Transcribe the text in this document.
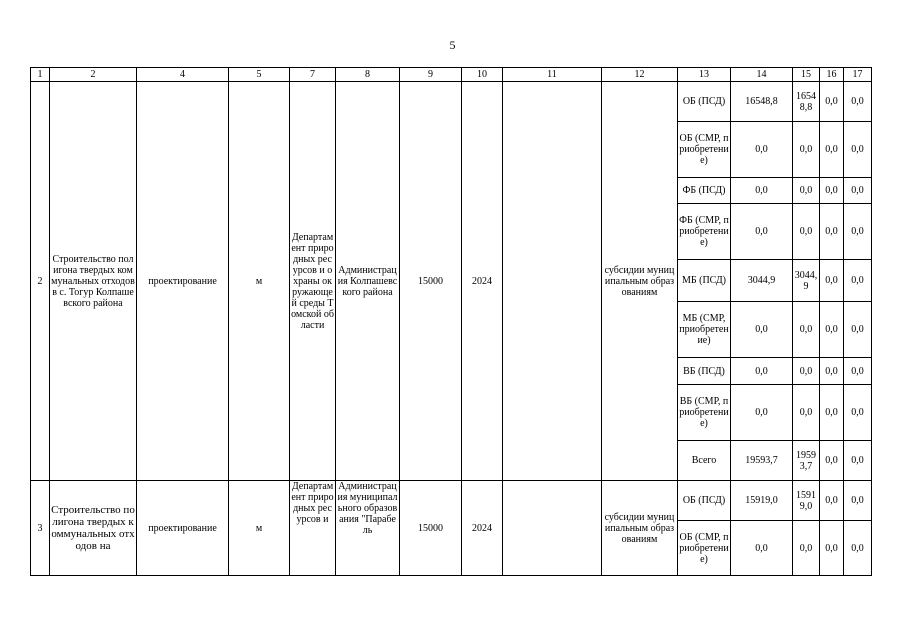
5
1	2	4	5	7	8	9	10	11	12	13	14	15	16	17
2	Строительство полигона твердых коммунальных отходов в с. Тогур Колпашевского района	проектирование	м	Департамент природных ресурсов и охраны окружающей среды Томской области	Администрация Колпашевского района	15000	2024		субсидии муниципальным образованиям	ОБ (ПСД)	16548,8	16548,8	0,0	0,0
										ОБ (СМР, приобретение)	0,0	0,0	0,0	0,0
										ФБ (ПСД)	0,0	0,0	0,0	0,0
										ФБ (СМР, приобретение)	0,0	0,0	0,0	0,0
										МБ (ПСД)	3044,9	3044,9	0,0	0,0
										МБ (СМР, приобретение)	0,0	0,0	0,0	0,0
										ВБ (ПСД)	0,0	0,0	0,0	0,0
										ВБ (СМР, приобретение)	0,0	0,0	0,0	0,0
										Всего	19593,7	19593,7	0,0	0,0
3	Строительство полигона твердых коммунальных отходов на	проектирование	м	Департамент природных ресурсов и	Администрация муниципального образования "Парабель	15000	2024		субсидии муниципальным образованиям	ОБ (ПСД)	15919,0	15919,0	0,0	0,0
										ОБ (СМР, приобретение)	0,0	0,0	0,0	0,0
